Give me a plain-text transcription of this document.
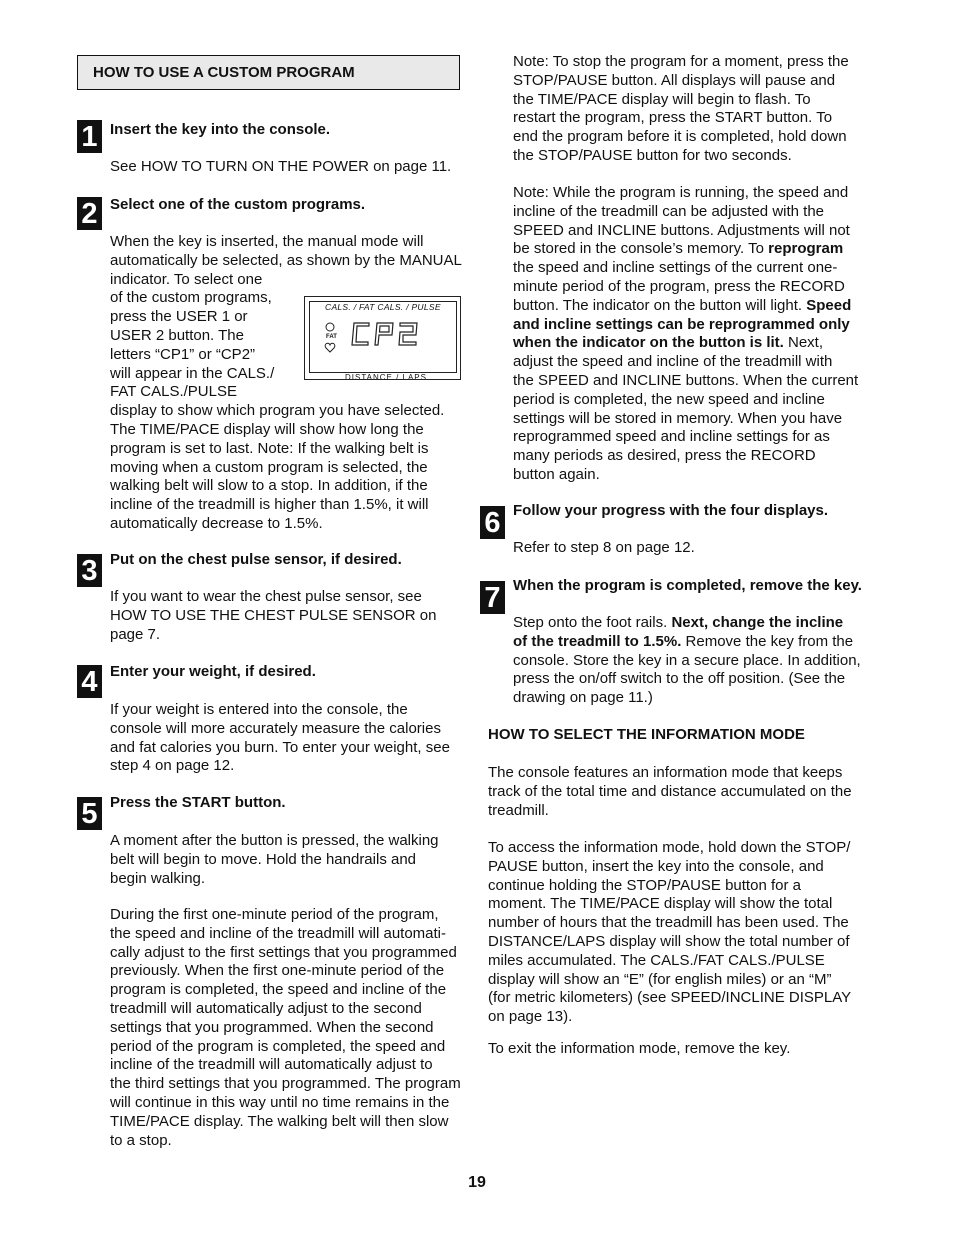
HOW TO USE A CUSTOM PROGRAM
1 Insert the key into the console.

See HOW TO TURN ON THE POWER on page 11.

2 Select one of the custom programs.

When the key is inserted, the manual mode will

automatically be selected, as shown by the MANUAL

indicator. To select one

of the custom programs,

press the USER 1 or

USER 2 button. The

letters “CP1” or “CP2”

will appear in the CALS./

FAT CALS./PULSE

display to show which program you have selected.

The TIME/PACE display will show how long the

program is set to last. Note: If the walking belt is

moving when a custom program is selected, the

walking belt will slow to a stop. In addition, if the

incline of the treadmill is higher than 1.5%, it will

automatically decrease to 1.5%.

CALS. / FAT CALS. / PULSE
FAT
DISTANCE / LAPS
3 Put on the chest pulse sensor, if desired.

If you want to wear the chest pulse sensor, see

HOW TO USE THE CHEST PULSE SENSOR on

page 7.

4 Enter your weight, if desired.

If your weight is entered into the console, the

console will more accurately measure the calories

and fat calories you burn. To enter your weight, see

step 4 on page 12.

5 Press the START button.

A moment after the button is pressed, the walking

belt will begin to move. Hold the handrails and

begin walking.

During the first one-minute period of the program,

the speed and incline of the treadmill will automati-

cally adjust to the first settings that you programmed

previously. When the first one-minute period of the

program is completed, the speed and incline of the

treadmill will automatically adjust to the second

settings that you programmed. When the second

period of the program is completed, the speed and

incline of the treadmill will automatically adjust to

the third settings that you programmed. The program

will continue in this way until no time remains in the

TIME/PACE display. The walking belt will then slow

to a stop.

Note: To stop the program for a moment, press the

STOP/PAUSE button. All displays will pause and

the TIME/PACE display will begin to flash. To

restart the program, press the START button. To

end the program before it is completed, hold down

the STOP/PAUSE button for two seconds.

Note: While the program is running, the speed and

incline of the treadmill can be adjusted with the

SPEED and INCLINE buttons. Adjustments will not

be stored in the console’s memory. To reprogram

the speed and incline settings of the current one-

minute period of the program, press the RECORD

button. The indicator on the button will light. Speed

and incline settings can be reprogrammed only

when the indicator on the button is lit. Next,

adjust the speed and incline of the treadmill with

the SPEED and INCLINE buttons. When the current

period is completed, the new speed and incline

settings will be stored in memory. When you have

reprogrammed speed and incline settings for as

many periods as desired, press the RECORD

button again.

6 Follow your progress with the four displays.

Refer to step 8 on page 12.

7 When the program is completed, remove the key.

Step onto the foot rails. Next, change the incline

of the treadmill to 1.5%. Remove the key from the

console. Store the key in a secure place. In addition,

press the on/off switch to the off position. (See the

drawing on page 11.)

HOW TO SELECT THE INFORMATION MODE

The console features an information mode that keeps

track of the total time and distance accumulated on the

treadmill.

To access the information mode, hold down the STOP/

PAUSE button, insert the key into the console, and

continue holding the STOP/PAUSE button for a

moment. The TIME/PACE display will show the total

number of hours that the treadmill has been used. The

DISTANCE/LAPS display will show the total number of

miles accumulated. The CALS./FAT CALS./PULSE

display will show an “E” (for english miles) or an “M”

(for metric kilometers) (see SPEED/INCLINE DISPLAY

on page 13).

To exit the information mode, remove the key.

19
